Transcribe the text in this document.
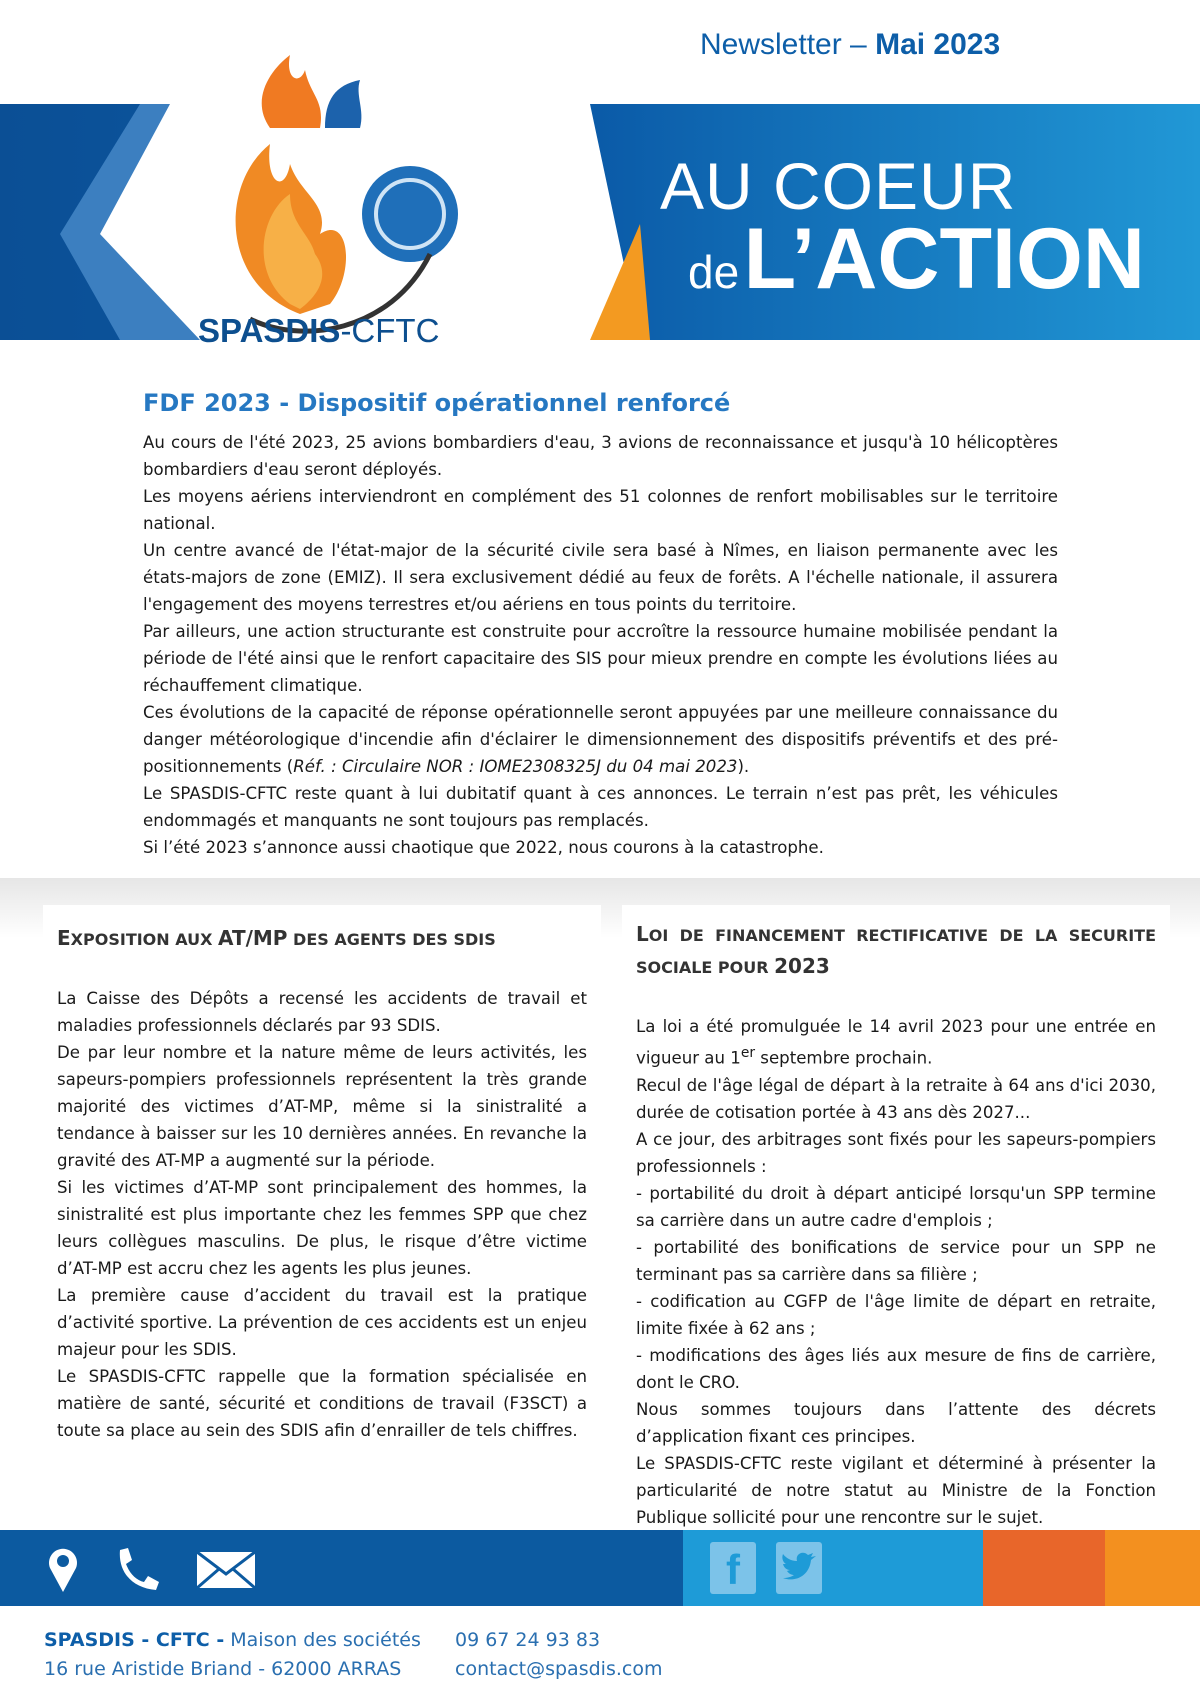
Newsletter – Mai 2023
AU COEUR
de L’ACTION
SPASDIS-CFTC
FDF 2023 - Dispositif opérationnel renforcé

Au cours de l'été 2023, 25 avions bombardiers d'eau, 3 avions de reconnaissance et jusqu'à 10 hélicoptères bombardiers d'eau seront déployés.

Les moyens aériens interviendront en complément des 51 colonnes de renfort mobilisables sur le territoire national.

Un centre avancé de l'état-major de la sécurité civile sera basé à Nîmes, en liaison permanente avec les états-majors de zone (EMIZ). Il sera exclusivement dédié au feux de forêts. A l'échelle nationale, il assurera l'engagement des moyens terrestres et/ou aériens en tous points du territoire.

Par ailleurs, une action structurante est construite pour accroître la ressource humaine mobilisée pendant la période de l'été ainsi que le renfort capacitaire des SIS pour mieux prendre en compte les évolutions liées au réchauffement climatique.

Ces évolutions de la capacité de réponse opérationnelle seront appuyées par une meilleure connaissance du danger météorologique d'incendie afin d'éclairer le dimensionnement des dispositifs préventifs et des pré-positionnements (Réf. : Circulaire NOR : IOME2308325J du 04 mai 2023).

Le SPASDIS-CFTC reste quant à lui dubitatif quant à ces annonces. Le terrain n’est pas prêt, les véhicules endommagés et manquants ne sont toujours pas remplacés.

Si l’été 2023 s’annonce aussi chaotique que 2022, nous courons à la catastrophe.

EXPOSITION AUX AT/MP DES AGENTS DES SDIS

La Caisse des Dépôts a recensé les accidents de travail et maladies professionnels déclarés par 93 SDIS.

De par leur nombre et la nature même de leurs activités, les sapeurs-pompiers professionnels représentent la très grande majorité des victimes d’AT-MP, même si la sinistralité a tendance à baisser sur les 10 dernières années. En revanche la gravité des AT-MP a augmenté sur la période.

Si les victimes d’AT-MP sont principalement des hommes, la sinistralité est plus importante chez les femmes SPP que chez leurs collègues masculins. De plus, le risque d’être victime d’AT-MP est accru chez les agents les plus jeunes.

La première cause d’accident du travail est la pratique d’activité sportive. La prévention de ces accidents est un enjeu majeur pour les SDIS.

Le SPASDIS-CFTC rappelle que la formation spécialisée en matière de santé, sécurité et conditions de travail (F3SCT) a toute sa place au sein des SDIS afin d’enrailler de tels chiffres.

LOI DE FINANCEMENT RECTIFICATIVE DE LA SECURITE SOCIALE POUR 2023

La loi a été promulguée le 14 avril 2023 pour une entrée en vigueur au 1er septembre prochain.

Recul de l'âge légal de départ à la retraite à 64 ans d'ici 2030, durée de cotisation portée à 43 ans dès 2027...

A ce jour, des arbitrages sont fixés pour les sapeurs-pompiers professionnels :

- portabilité du droit à départ anticipé lorsqu'un SPP termine sa carrière dans un autre cadre d'emplois ;

- portabilité des bonifications de service pour un SPP ne terminant pas sa carrière dans sa filière ;

- codification au CGFP de l'âge limite de départ en retraite, limite fixée à 62 ans ;

- modifications des âges liés aux mesure de fins de carrière, dont le CRO.

Nous sommes toujours dans l’attente des décrets d’application fixant ces principes.

Le SPASDIS-CFTC reste vigilant et déterminé à présenter la particularité de notre statut au Ministre de la Fonction Publique sollicité pour une rencontre sur le sujet.

f
SPASDIS - CFTC - Maison des sociétés
16 rue Aristide Briand - 62000 ARRAS
09 67 24 93 83
contact@spasdis.com
